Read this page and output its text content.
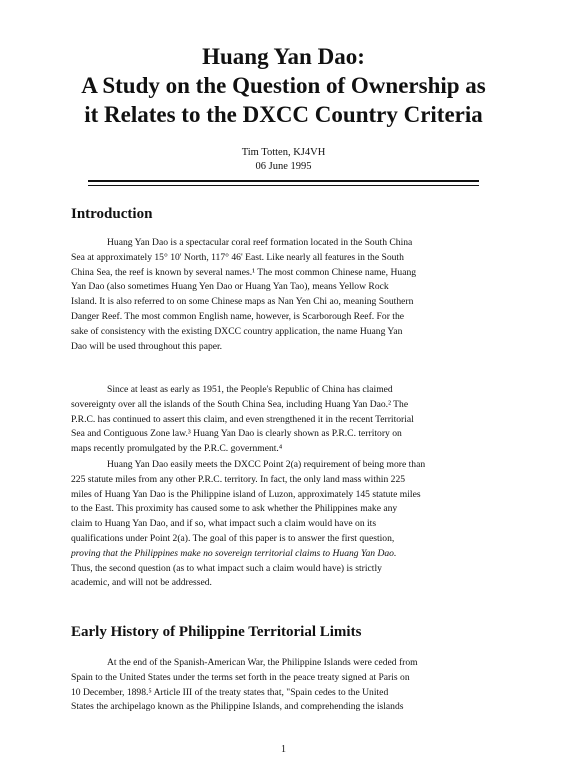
Huang Yan Dao:
A Study on the Question of Ownership as
it Relates to the DXCC Country Criteria
Tim Totten, KJ4VH
06 June 1995
Introduction
Huang Yan Dao is a spectacular coral reef formation located in the South China
Sea at approximately 15° 10' North, 117° 46' East. Like nearly all features in the South
China Sea, the reef is known by several names.¹ The most common Chinese name, Huang
Yan Dao (also sometimes Huang Yen Dao or Huang Yan Tao), means Yellow Rock
Island. It is also referred to on some Chinese maps as Nan Yen Chi ao, meaning Southern
Danger Reef. The most common English name, however, is Scarborough Reef. For the
sake of consistency with the existing DXCC country application, the name Huang Yan
Dao will be used throughout this paper.
Since at least as early as 1951, the People's Republic of China has claimed
sovereignty over all the islands of the South China Sea, including Huang Yan Dao.² The
P.R.C. has continued to assert this claim, and even strengthened it in the recent Territorial
Sea and Contiguous Zone law.³ Huang Yan Dao is clearly shown as P.R.C. territory on
maps recently promulgated by the P.R.C. government.⁴
Huang Yan Dao easily meets the DXCC Point 2(a) requirement of being more than
225 statute miles from any other P.R.C. territory. In fact, the only land mass within 225
miles of Huang Yan Dao is the Philippine island of Luzon, approximately 145 statute miles
to the East. This proximity has caused some to ask whether the Philippines make any
claim to Huang Yan Dao, and if so, what impact such a claim would have on its
qualifications under Point 2(a). The goal of this paper is to answer the first question,
proving that the Philippines make no sovereign territorial claims to Huang Yan Dao.
Thus, the second question (as to what impact such a claim would have) is strictly
academic, and will not be addressed.
Early History of Philippine Territorial Limits
At the end of the Spanish-American War, the Philippine Islands were ceded from
Spain to the United States under the terms set forth in the peace treaty signed at Paris on
10 December, 1898.⁵ Article III of the treaty states that, "Spain cedes to the United
States the archipelago known as the Philippine Islands, and comprehending the islands
1
